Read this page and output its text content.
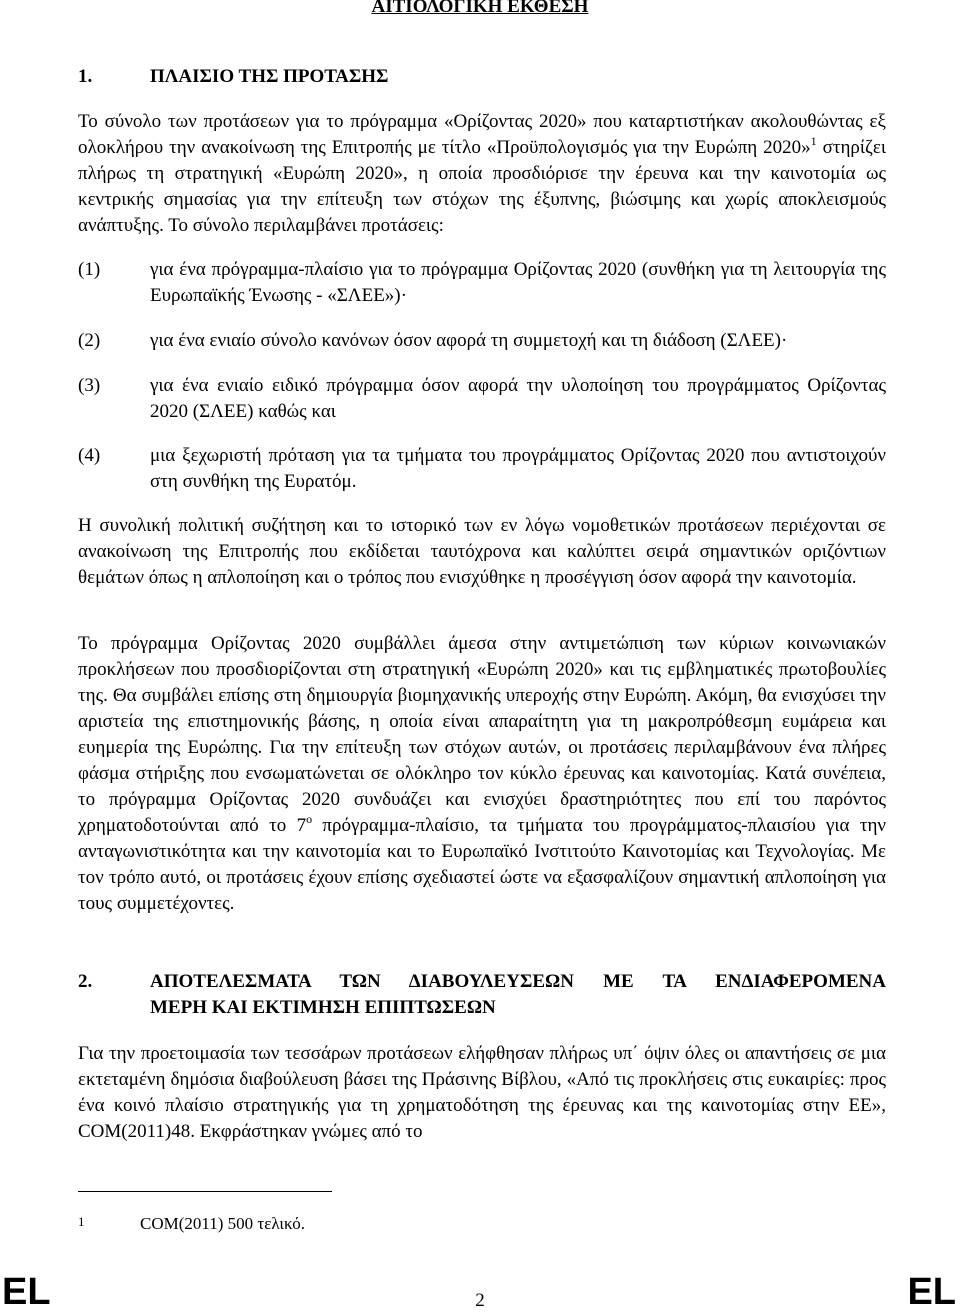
ΑΙΤΙΟΛΟΓΙΚΗ ΕΚΘΕΣΗ
1.	ΠΛΑΙΣΙΟ ΤΗΣ ΠΡΟΤΑΣΗΣ
Το σύνολο των προτάσεων για το πρόγραμμα «Ορίζοντας 2020» που καταρτιστήκαν ακολουθώντας εξ ολοκλήρου την ανακοίνωση της Επιτροπής με τίτλο «Προϋπολογισμός για την Ευρώπη 2020»$^1$ στηρίζει πλήρως τη στρατηγική «Ευρώπη 2020», η οποία προσδιόρισε την έρευνα και την καινοτομία ως κεντρικής σημασίας για την επίτευξη των στόχων της έξυπνης, βιώσιμης και χωρίς αποκλεισμούς ανάπτυξης. Το σύνολο περιλαμβάνει προτάσεις:
(1)	για ένα πρόγραμμα-πλαίσιο για το πρόγραμμα Ορίζοντας 2020 (συνθήκη για τη λειτουργία της Ευρωπαϊκής Ένωσης - «ΣΛΕΕ»)·
(2)	για ένα ενιαίο σύνολο κανόνων όσον αφορά τη συμμετοχή και τη διάδοση (ΣΛΕΕ)·
(3)	για ένα ενιαίο ειδικό πρόγραμμα όσον αφορά την υλοποίηση του προγράμματος Ορίζοντας 2020 (ΣΛΕΕ) καθώς και
(4)	μια ξεχωριστή πρόταση για τα τμήματα του προγράμματος Ορίζοντας 2020 που αντιστοιχούν στη συνθήκη της Ευρατόμ.
Η συνολική πολιτική συζήτηση και το ιστορικό των εν λόγω νομοθετικών προτάσεων περιέχονται σε ανακοίνωση της Επιτροπής που εκδίδεται ταυτόχρονα και καλύπτει σειρά σημαντικών οριζόντιων θεμάτων όπως η απλοποίηση και ο τρόπος που ενισχύθηκε η προσέγγιση όσον αφορά την καινοτομία.
Το πρόγραμμα Ορίζοντας 2020 συμβάλλει άμεσα στην αντιμετώπιση των κύριων κοινωνιακών προκλήσεων που προσδιορίζονται στη στρατηγική «Ευρώπη 2020» και τις εμβληματικές πρωτοβουλίες της. Θα συμβάλει επίσης στη δημιουργία βιομηχανικής υπεροχής στην Ευρώπη. Ακόμη, θα ενισχύσει την αριστεία της επιστημονικής βάσης, η οποία είναι απαραίτητη για τη μακροπρόθεσμη ευμάρεια και ευημερία της Ευρώπης. Για την επίτευξη των στόχων αυτών, οι προτάσεις περιλαμβάνουν ένα πλήρες φάσμα στήριξης που ενσωματώνεται σε ολόκληρο τον κύκλο έρευνας και καινοτομίας. Κατά συνέπεια, το πρόγραμμα Ορίζοντας 2020 συνδυάζει και ενισχύει δραστηριότητες που επί του παρόντος χρηματοδοτούνται από το $7^o$ πρόγραμμα-πλαίσιο, τα τμήματα του προγράμματος-πλαισίου για την ανταγωνιστικότητα και την καινοτομία και το Ευρωπαϊκό Ινστιτούτο Καινοτομίας και Τεχνολογίας. Με τον τρόπο αυτό, οι προτάσεις έχουν επίσης σχεδιαστεί ώστε να εξασφαλίζουν σημαντική απλοποίηση για τους συμμετέχοντες.
2.	ΑΠΟΤΕΛΕΣΜΑΤΑ ΤΩΝ ΔΙΑΒΟΥΛΕΥΣΕΩΝ ΜΕ ΤΑ ΕΝΔΙΑΦΕΡΟΜΕΝΑ
ΜΕΡΗ ΚΑΙ ΕΚΤΙΜΗΣΗ ΕΠΙΠΤΩΣΕΩΝ
Για την προετοιμασία των τεσσάρων προτάσεων ελήφθησαν πλήρως υπ΄ όψιν όλες οι απαντήσεις σε μια εκτεταμένη δημόσια διαβούλευση βάσει της Πράσινης Βίβλου, «Από τις προκλήσεις στις ευκαιρίες: προς ένα κοινό πλαίσιο στρατηγικής για τη χρηματοδότηση της έρευνας και της καινοτομίας στην ΕΕ», COM(2011)48. Εκφράστηκαν γνώμες από το
1	COM(2011) 500 τελικό.
EL	2	EL
